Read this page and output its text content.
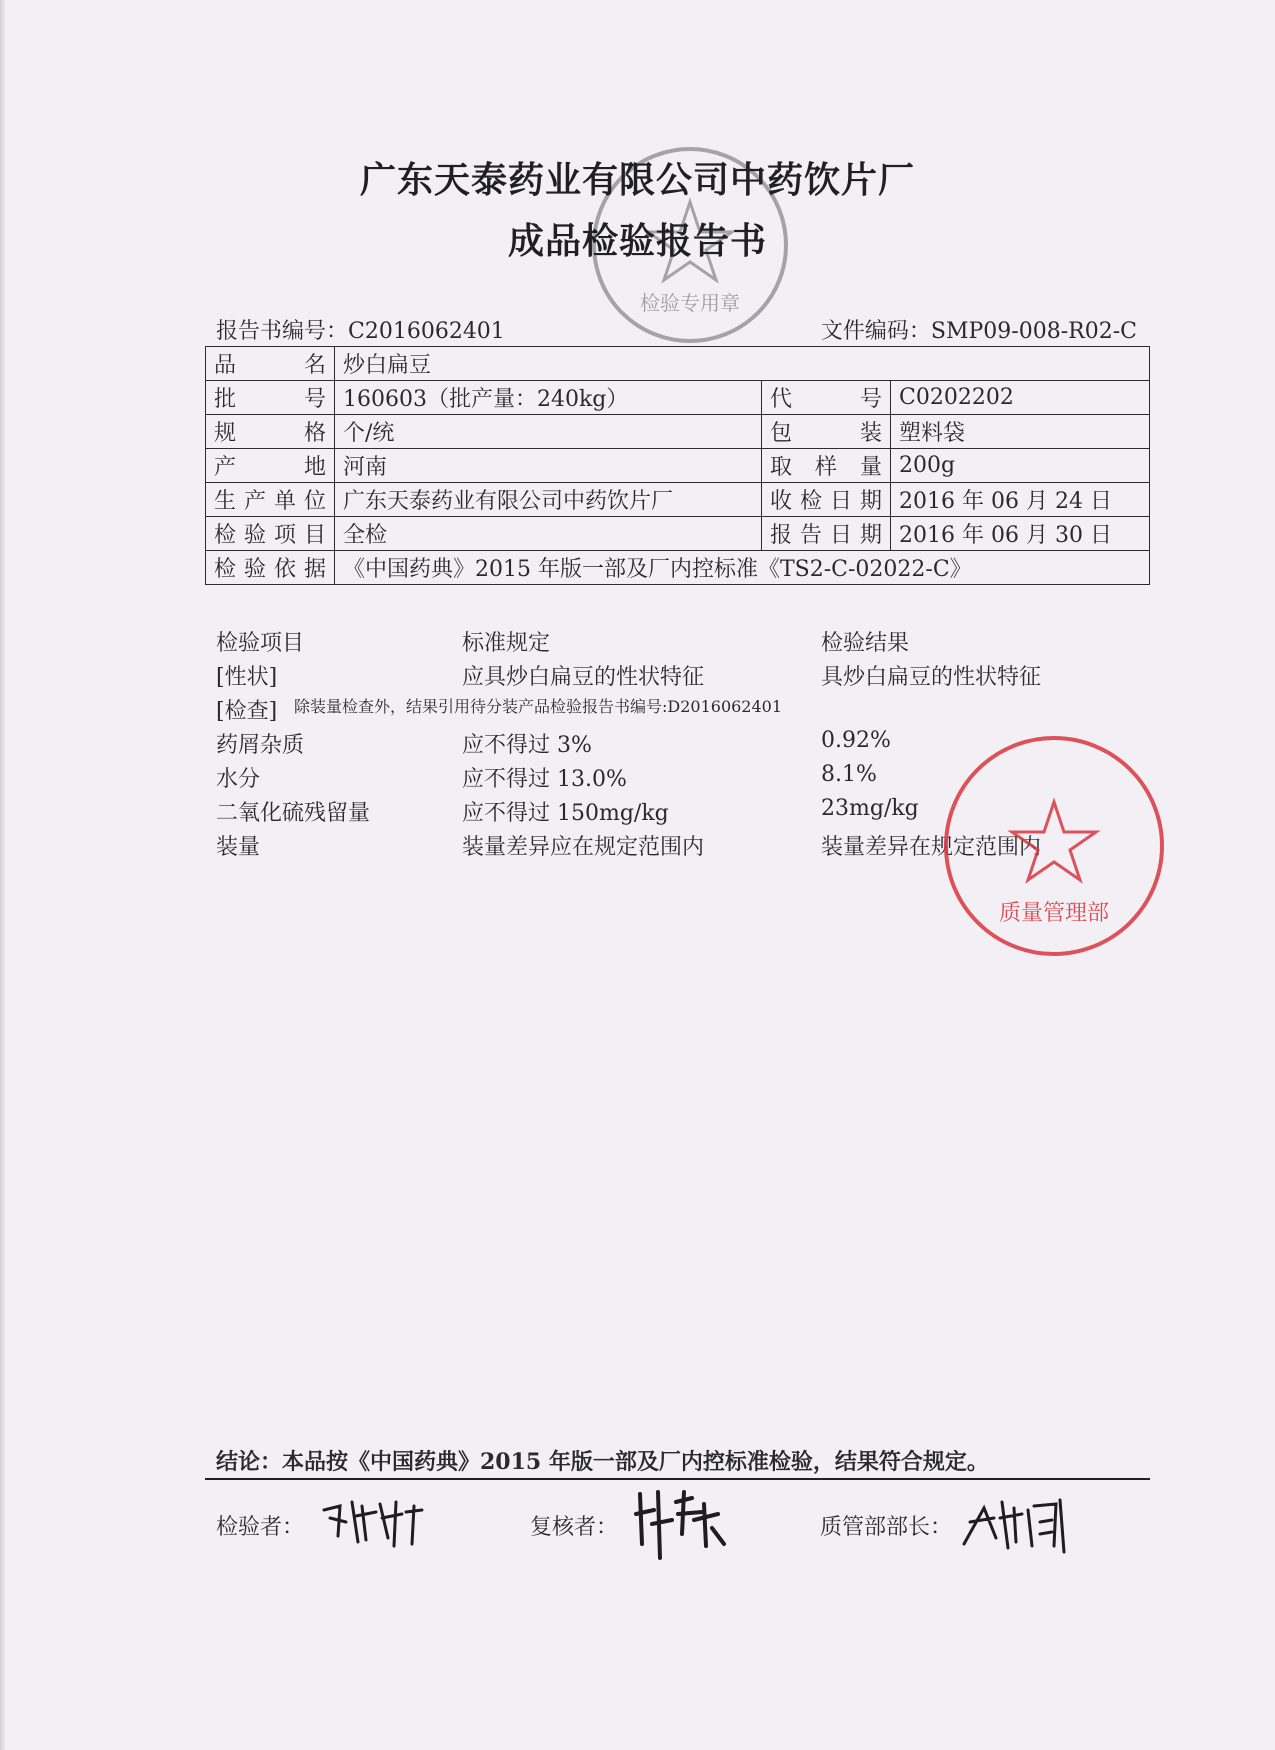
检验专用章
广东天泰药业有限公司中药饮片厂
成品检验报告书
报告书编号：C2016062401	文件编码：SMP09-008-R02-C
品　　名	炒白扁豆		
批　　号	160603（批产量：240kg）	代　　号	C0202202
规　　格	个/统	包　　装	塑料袋
产　　地	河南	取 样 量	200g
生产单位	广东天泰药业有限公司中药饮片厂	收检日期	2016 年 06 月 24 日
检验项目	全检	报告日期	2016 年 06 月 30 日
检验依据	《中国药典》2015 年版一部及厂内控标准《TS2-C-02022-C》		
检验项目	标准规定	检验结果
[性状]	应具炒白扁豆的性状特征	具炒白扁豆的性状特征
[检查] 除装量检查外，结果引用待分装产品检验报告书编号:D2016062401
药屑杂质	应不得过 3%	0.92%
水分	应不得过 13.0%	8.1%
二氧化硫残留量	应不得过 150mg/kg	23mg/kg
装量	装量差异应在规定范围内	装量差异在规定范围内
质量管理部
结论：本品按《中国药典》2015 年版一部及厂内控标准检验，结果符合规定。
检验者：	复核者：	质管部部长：
